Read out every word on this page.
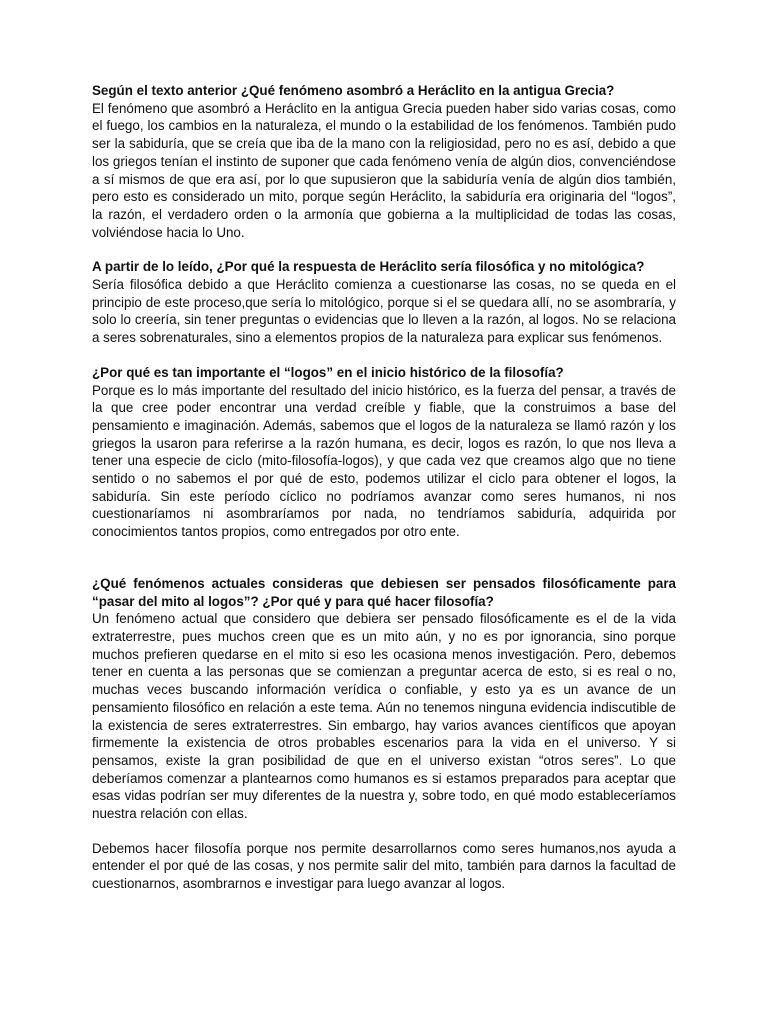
Según el texto anterior ¿Qué fenómeno asombró a Heráclito en la antigua Grecia?

El fenómeno que asombró a Heráclito en la antigua Grecia pueden haber sido varias cosas, como el fuego, los cambios en la naturaleza, el mundo o la estabilidad de los fenómenos. También pudo ser la sabiduría, que se creía que iba de la mano con la religiosidad, pero no es así, debido a que los griegos tenían el instinto de suponer que cada fenómeno venía de algún dios, convenciéndose a sí mismos de que era así, por lo que supusieron que la sabiduría venía de algún dios también, pero esto es considerado un mito, porque según Heráclito, la sabiduría era originaria del “logos”, la razón, el verdadero orden o la armonía que gobierna a la multiplicidad de todas las cosas, volviéndose hacia lo Uno.

A partir de lo leído, ¿Por qué la respuesta de Heráclito sería filosófica y no mitológica?

Sería filosófica debido a que Heráclito comienza a cuestionarse las cosas, no se queda en el principio de este proceso,que sería lo mitológico, porque si el se quedara allí, no se asombraría, y solo lo creería, sin tener preguntas o evidencias que lo lleven a la razón, al logos. No se relaciona a seres sobrenaturales, sino a elementos propios de la naturaleza para explicar sus fenómenos.

¿Por qué es tan importante el “logos” en el inicio histórico de la filosofía?

Porque es lo más importante del resultado del inicio histórico, es la fuerza del pensar, a través de la que cree poder encontrar una verdad creíble y fiable, que la construimos a base del pensamiento e imaginación. Además, sabemos que el logos de la naturaleza se llamó razón y los griegos la usaron para referirse a la razón humana, es decir, logos es razón, lo que nos lleva a tener una especie de ciclo (mito-filosofía-logos), y que cada vez que creamos algo que no tiene sentido o no sabemos el por qué de esto, podemos utilizar el ciclo para obtener el logos, la sabiduría. Sin este período cíclico no podríamos avanzar como seres humanos, ni nos cuestionaríamos ni asombraríamos por nada, no tendríamos sabiduría, adquirida por conocimientos tantos propios, como entregados por otro ente.

¿Qué fenómenos actuales consideras que debiesen ser pensados filosóficamente para “pasar del mito al logos”? ¿Por qué y para qué hacer filosofía?

Un fenómeno actual que considero que debiera ser pensado filosóficamente es el de la vida extraterrestre, pues muchos creen que es un mito aún, y no es por ignorancia, sino porque muchos prefieren quedarse en el mito si eso les ocasiona menos investigación. Pero, debemos tener en cuenta a las personas que se comienzan a preguntar acerca de esto, si es real o no, muchas veces buscando información verídica o confiable, y esto ya es un avance de un pensamiento filosófico en relación a este tema. Aún no tenemos ninguna evidencia indiscutible de la existencia de seres extraterrestres. Sin embargo, hay varios avances científicos que apoyan firmemente la existencia de otros probables escenarios para la vida en el universo. Y si pensamos, existe la gran posibilidad de que en el universo existan “otros seres”. Lo que deberíamos comenzar a plantearnos como humanos es si estamos preparados para aceptar que esas vidas podrían ser muy diferentes de la nuestra y, sobre todo, en qué modo estableceríamos nuestra relación con ellas.

Debemos hacer filosofía porque nos permite desarrollarnos como seres humanos,nos ayuda a entender el por qué de las cosas, y nos permite salir del mito, también para darnos la facultad de cuestionarnos, asombrarnos e investigar para luego avanzar al logos.
